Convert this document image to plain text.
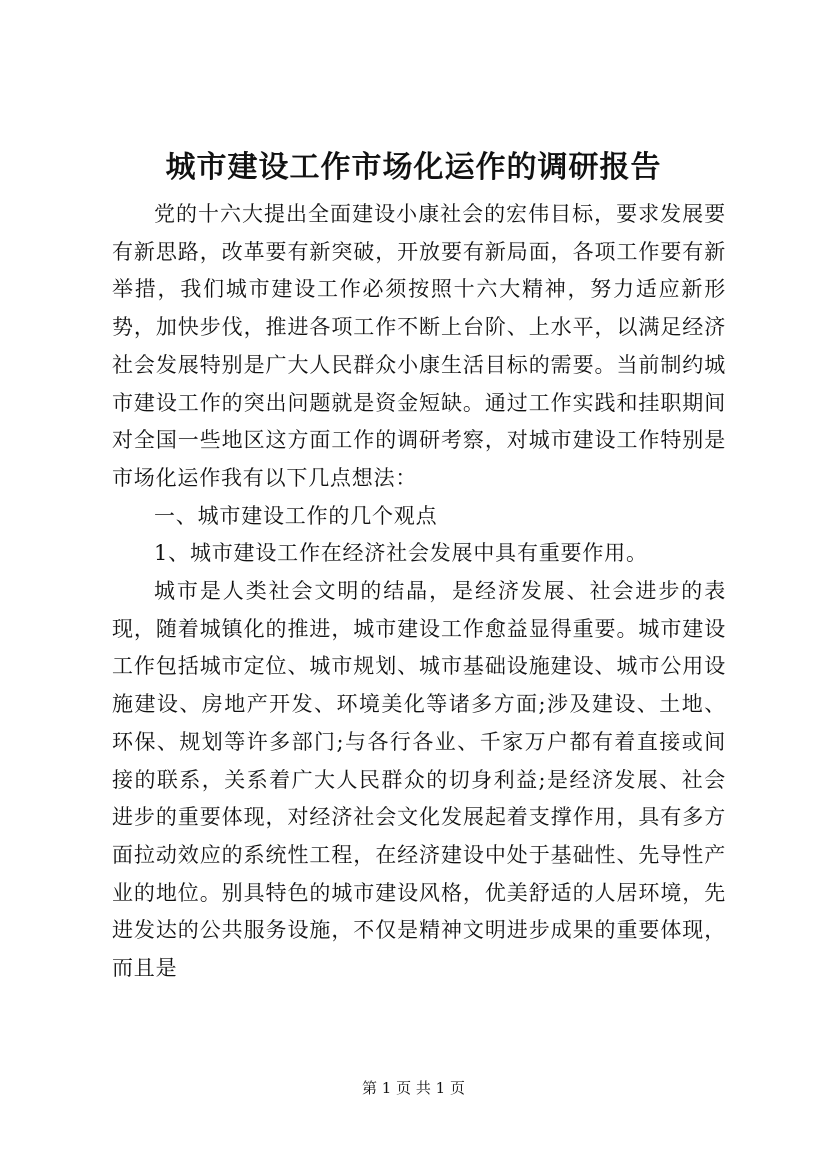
城市建设工作市场化运作的调研报告

党的十六大提出全面建设小康社会的宏伟目标，要求发展要有新思路，改革要有新突破，开放要有新局面，各项工作要有新举措，我们城市建设工作必须按照十六大精神，努力适应新形势，加快步伐，推进各项工作不断上台阶、上水平，以满足经济社会发展特别是广大人民群众小康生活目标的需要。当前制约城市建设工作的突出问题就是资金短缺。通过工作实践和挂职期间对全国一些地区这方面工作的调研考察，对城市建设工作特别是市场化运作我有以下几点想法：

一、城市建设工作的几个观点

1、城市建设工作在经济社会发展中具有重要作用。

城市是人类社会文明的结晶，是经济发展、社会进步的表现，随着城镇化的推进，城市建设工作愈益显得重要。城市建设工作包括城市定位、城市规划、城市基础设施建设、城市公用设施建设、房地产开发、环境美化等诸多方面;涉及建设、土地、环保、规划等许多部门;与各行各业、千家万户都有着直接或间接的联系，关系着广大人民群众的切身利益;是经济发展、社会进步的重要体现，对经济社会文化发展起着支撑作用，具有多方面拉动效应的系统性工程，在经济建设中处于基础性、先导性产业的地位。别具特色的城市建设风格，优美舒适的人居环境，先进发达的公共服务设施，不仅是精神文明进步成果的重要体现，而且是

第 1 页 共 1 页
